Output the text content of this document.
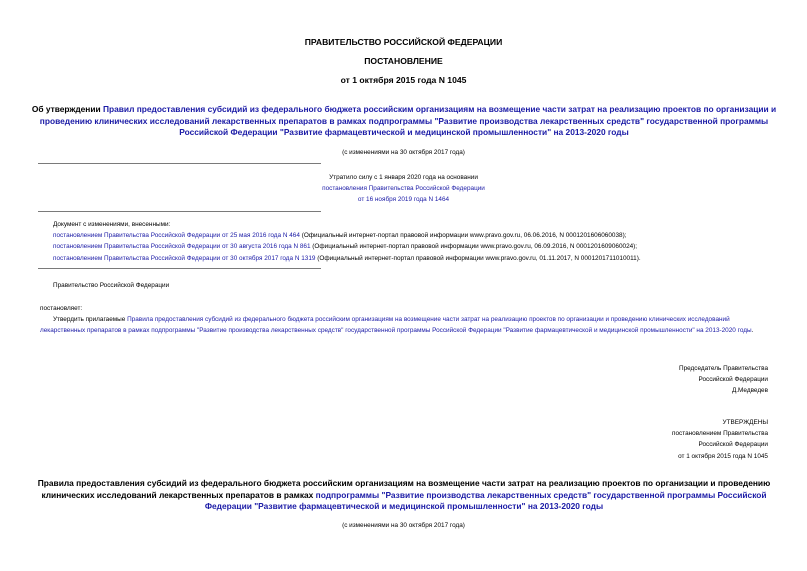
ПРАВИТЕЛЬСТВО РОССИЙСКОЙ ФЕДЕРАЦИИ
ПОСТАНОВЛЕНИЕ
от 1 октября 2015 года N 1045
Об утверждении Правил предоставления субсидий из федерального бюджета российским организациям на возмещение части затрат на реализацию проектов по организации и проведению клинических исследований лекарственных препаратов в рамках подпрограммы "Развитие производства лекарственных средств" государственной программы Российской Федерации "Развитие фармацевтической и медицинской промышленности" на 2013-2020 годы
(с изменениями на 30 октября 2017 года)
Утратило силу с 1 января 2020 года на основании
постановления Правительства Российской Федерации
от 16 ноября 2019 года N 1464
Документ с изменениями, внесенными:
постановлением Правительства Российской Федерации от 25 мая 2016 года N 464 (Официальный интернет-портал правовой информации www.pravo.gov.ru, 06.06.2016, N 0001201606060038);
постановлением Правительства Российской Федерации от 30 августа 2016 года N 861 (Официальный интернет-портал правовой информации www.pravo.gov.ru, 06.09.2016, N 0001201609060024);
постановлением Правительства Российской Федерации от 30 октября 2017 года N 1319 (Официальный интернет-портал правовой информации www.pravo.gov.ru, 01.11.2017, N 0001201711010011).
Правительство Российской Федерации
постановляет:
Утвердить прилагаемые Правила предоставления субсидий из федерального бюджета российским организациям на возмещение части затрат на реализацию проектов по организации и проведению клинических исследований лекарственных препаратов в рамках подпрограммы "Развитие производства лекарственных средств" государственной программы Российской Федерации "Развитие фармацевтической и медицинской промышленности" на 2013-2020 годы.
Председатель Правительства
Российской Федерации
Д.Медведев
УТВЕРЖДЕНЫ
постановлением Правительства
Российской Федерации
от 1 октября 2015 года N 1045
Правила предоставления субсидий из федерального бюджета российским организациям на возмещение части затрат на реализацию проектов по организации и проведению клинических исследований лекарственных препаратов в рамках подпрограммы "Развитие производства лекарственных средств" государственной программы Российской Федерации "Развитие фармацевтической и медицинской промышленности" на 2013-2020 годы
(с изменениями на 30 октября 2017 года)
